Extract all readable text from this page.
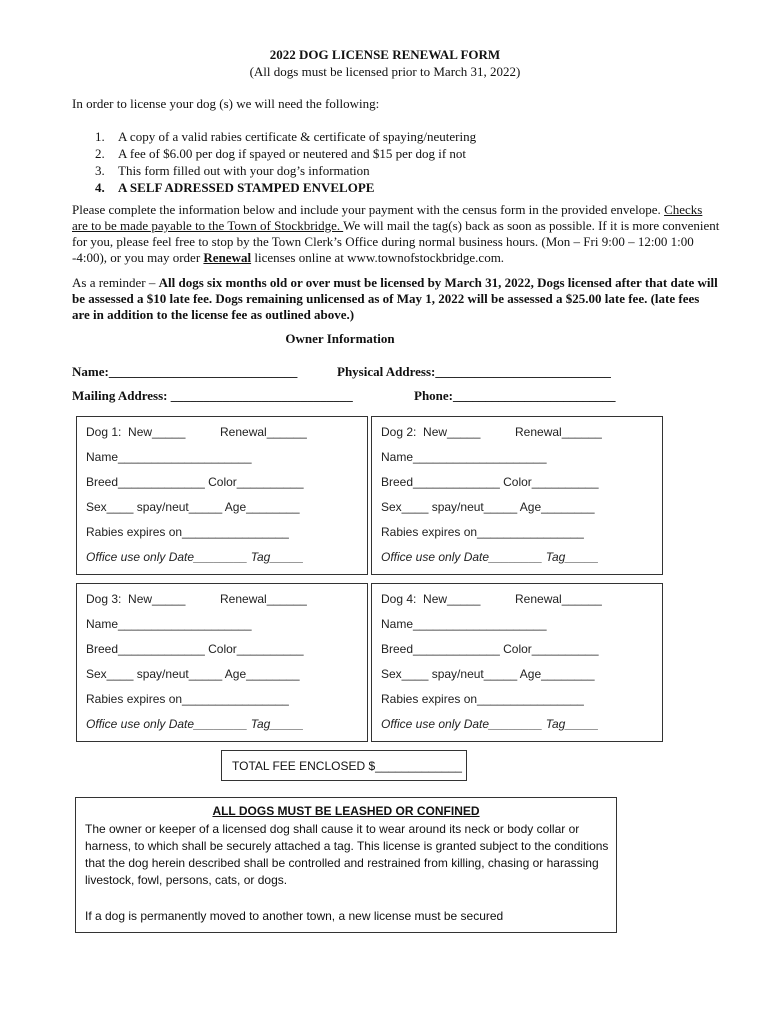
2022 DOG LICENSE RENEWAL FORM
(All dogs must be licensed prior to March 31, 2022)
In order to license your dog (s) we will need the following:
1.	A copy of a valid rabies certificate & certificate of spaying/neutering
2.	A fee of $6.00 per dog if spayed or neutered and $15 per dog if not
3.	This form filled out with your dog’s information
4.	A SELF ADRESSED STAMPED ENVELOPE
Please complete the information below and include your payment with the census form in the provided envelope. Checks are to be made payable to the Town of Stockbridge. We will mail the tag(s) back as soon as possible. If it is more convenient for you, please feel free to stop by the Town Clerk’s Office during normal business hours. (Mon – Fri 9:00 – 12:00 1:00 -4:00), or you may order Renewal licenses online at www.townofstockbridge.com.
As a reminder – All dogs six months old or over must be licensed by March 31, 2022, Dogs licensed after that date will be assessed a $10 late fee. Dogs remaining unlicensed as of May 1, 2022 will be assessed a $25.00 late fee. (late fees are in addition to the license fee as outlined above.)
Owner Information
Name:_____________________________	Physical Address:___________________________
Mailing Address: ____________________________	Phone:_________________________
Dog 1:  New_____	Renewal______
Name____________________
Breed_____________ Color__________
Sex____ spay/neut_____ Age________
Rabies expires on________________
Office use only Date________ Tag_____
Dog 2:  New_____	Renewal______
Name____________________
Breed_____________ Color__________
Sex____ spay/neut_____ Age________
Rabies expires on________________
Office use only Date________ Tag_____
Dog 3:  New_____	Renewal______
Name____________________
Breed_____________ Color__________
Sex____ spay/neut_____ Age________
Rabies expires on________________
Office use only Date________ Tag_____
Dog 4:  New_____	Renewal______
Name____________________
Breed_____________ Color__________
Sex____ spay/neut_____ Age________
Rabies expires on________________
Office use only Date________ Tag_____
TOTAL FEE ENCLOSED $_____________
ALL DOGS MUST BE LEASHED OR CONFINED
The owner or keeper of a licensed dog shall cause it to wear around its neck or body collar or harness, to which shall be securely attached a tag. This license is granted subject to the conditions that the dog herein described shall be controlled and restrained from killing, chasing or harassing livestock, fowl, persons, cats, or dogs.
If a dog is permanently moved to another town, a new license must be secured
